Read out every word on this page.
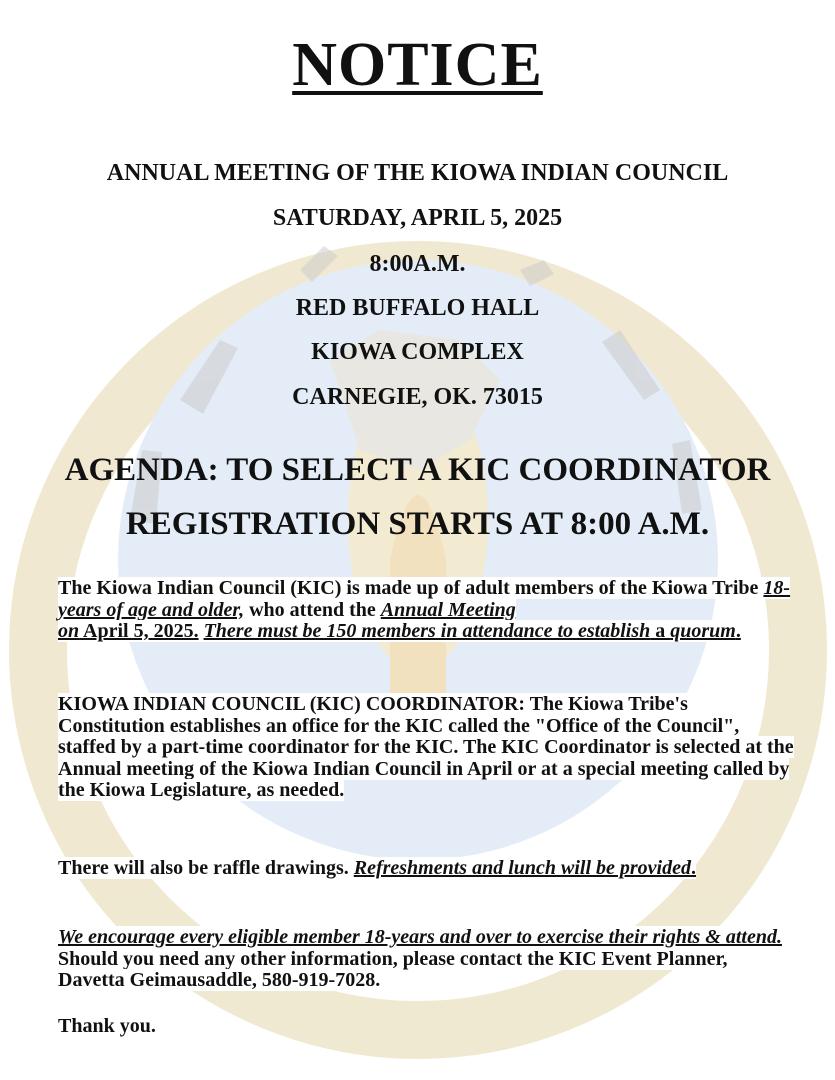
NOTICE
ANNUAL MEETING OF THE KIOWA INDIAN COUNCIL
SATURDAY, APRIL 5, 2025
8:00A.M.
RED BUFFALO HALL
KIOWA COMPLEX
CARNEGIE, OK. 73015
AGENDA: TO SELECT A KIC COORDINATOR
REGISTRATION STARTS AT 8:00 A.M.
The Kiowa Indian Council (KIC) is made up of adult members of the Kiowa Tribe 18-years of age and older, who attend the Annual Meeting
on April 5, 2025. There must be 150 members in attendance to establish a quorum.
KIOWA INDIAN COUNCIL (KIC) COORDINATOR: The Kiowa Tribe's Constitution establishes an office for the KIC called the "Office of the Council", staffed by a part-time coordinator for the KIC. The KIC Coordinator is selected at the Annual meeting of the Kiowa Indian Council in April or at a special meeting called by the Kiowa Legislature, as needed.
There will also be raffle drawings. Refreshments and lunch will be provided.
We encourage every eligible member 18-years and over to exercise their rights & attend. Should you need any other information, please contact the KIC Event Planner, Davetta Geimausaddle, 580-919-7028.
Thank you.
